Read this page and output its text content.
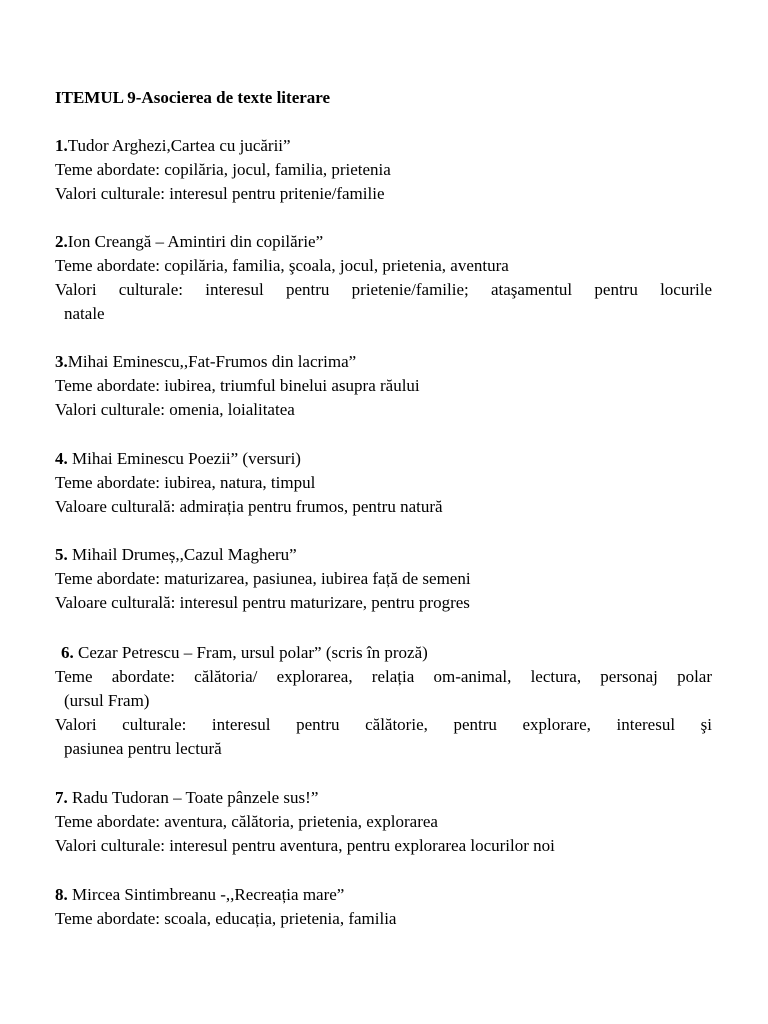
ITEMUL 9-Asocierea de texte literare
1.Tudor Arghezi,Cartea cu jucării”
Teme abordate: copilăria, jocul, familia, prietenia
Valori culturale: interesul pentru pritenie/familie
2.Ion Creangă – Amintiri din copilărie”
Teme abordate: copilăria, familia, şcoala, jocul, prietenia, aventura
Valori culturale: interesul pentru prietenie/familie; ataşamentul pentru locurile
natale
3.Mihai Eminescu,,Fat-Frumos din lacrima”
Teme abordate: iubirea, triumful binelui asupra răului
Valori culturale: omenia, loialitatea
4. Mihai Eminescu Poezii” (versuri)
Teme abordate: iubirea, natura, timpul
Valoare culturală: admirația pentru frumos, pentru natură
5. Mihail Drumeș,,Cazul Magheru”
Teme abordate: maturizarea, pasiunea, iubirea față de semeni
Valoare culturală: interesul pentru maturizare, pentru progres
6. Cezar Petrescu – Fram, ursul polar” (scris în proză)
Teme abordate: călătoria/ explorarea, relația om-animal, lectura, personaj polar
(ursul Fram)
Valori culturale: interesul pentru călătorie, pentru explorare, interesul şi
pasiunea pentru lectură
7. Radu Tudoran – Toate pânzele sus!”
Teme abordate: aventura, călătoria, prietenia, explorarea
Valori culturale: interesul pentru aventura, pentru explorarea locurilor noi
8. Mircea Sintimbreanu -,,Recreația mare”
Teme abordate: scoala, educația, prietenia, familia
